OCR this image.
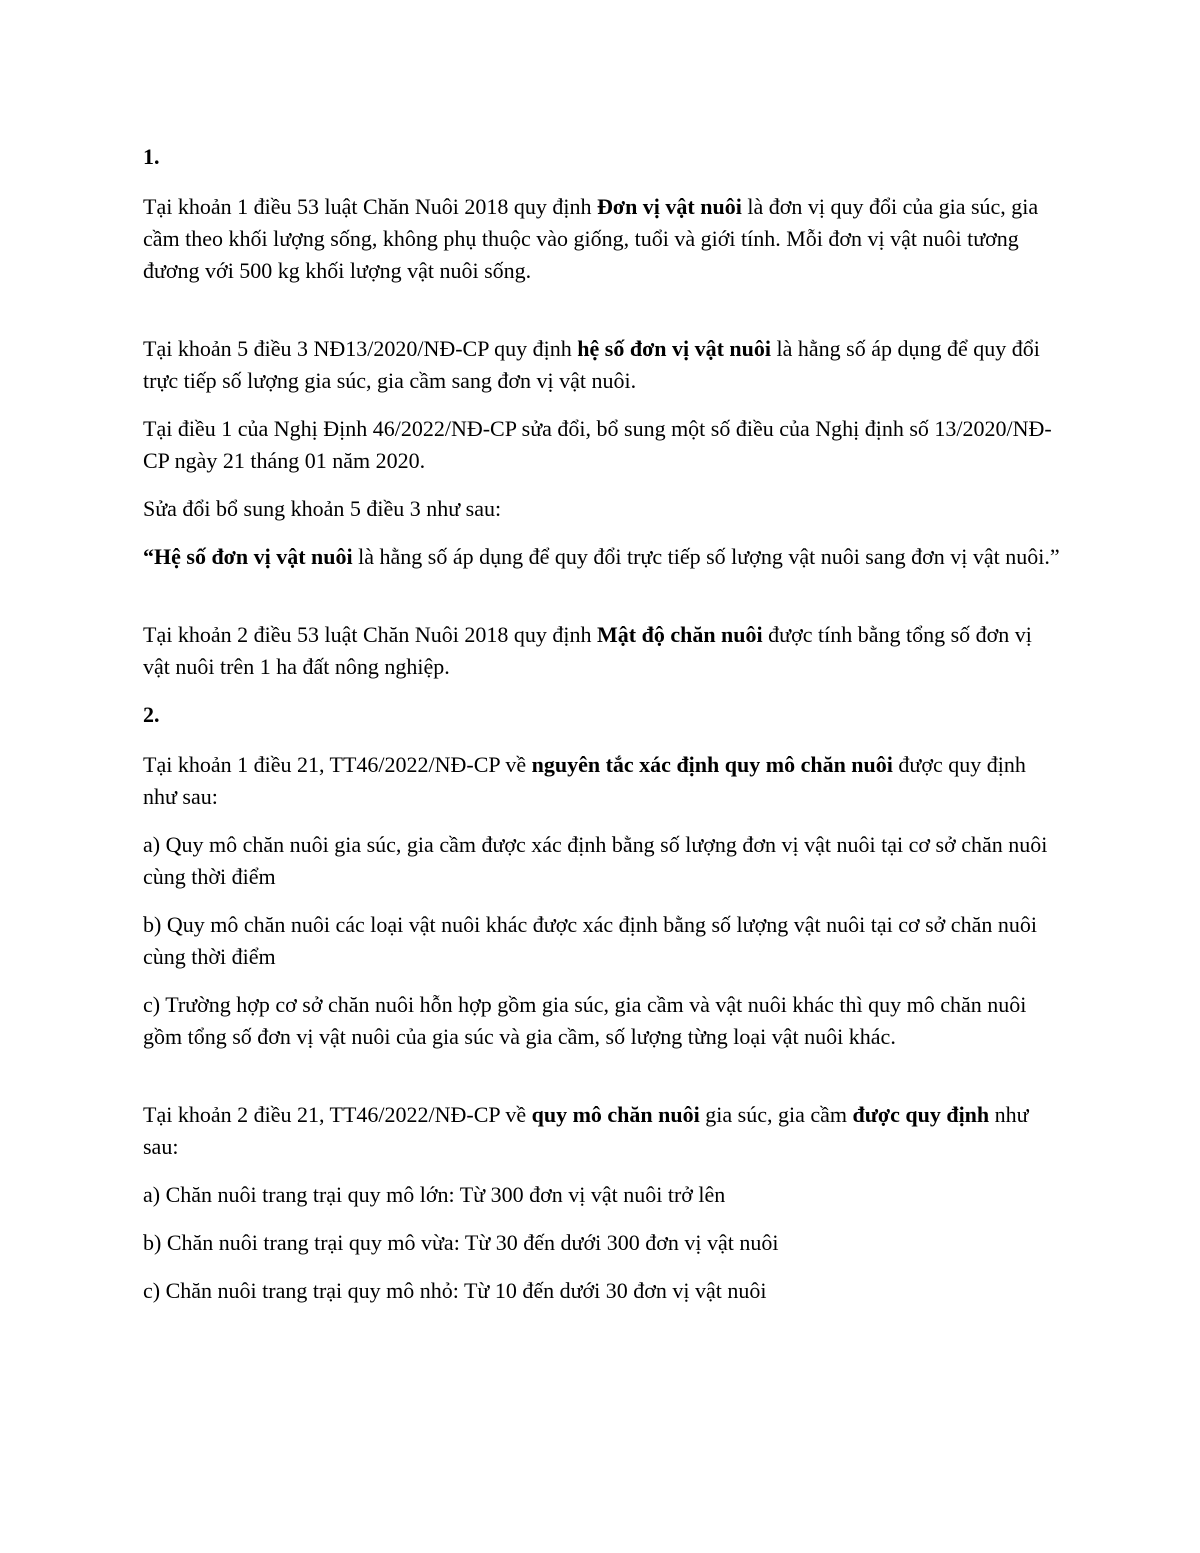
1.

Tại khoản 1 điều 53 luật Chăn Nuôi 2018 quy định Đơn vị vật nuôi là đơn vị quy đổi của gia súc, gia cầm theo khối lượng sống, không phụ thuộc vào giống, tuổi và giới tính. Mỗi đơn vị vật nuôi tương đương với 500 kg khối lượng vật nuôi sống.

Tại khoản 5 điều 3 NĐ13/2020/NĐ-CP quy định hệ số đơn vị vật nuôi là hằng số áp dụng để quy đổi trực tiếp số lượng gia súc, gia cầm sang đơn vị vật nuôi.

Tại điều 1 của Nghị Định 46/2022/NĐ-CP sửa đổi, bổ sung một số điều của Nghị định số 13/2020/NĐ-CP ngày 21 tháng 01 năm 2020.

Sửa đổi bổ sung khoản 5 điều 3 như sau:

“Hệ số đơn vị vật nuôi là hằng số áp dụng để quy đổi trực tiếp số lượng vật nuôi sang đơn vị vật nuôi.”

Tại khoản 2 điều 53 luật Chăn Nuôi 2018 quy định Mật độ chăn nuôi được tính bằng tổng số đơn vị vật nuôi trên 1 ha đất nông nghiệp.

2.

Tại khoản 1 điều 21, TT46/2022/NĐ-CP về nguyên tắc xác định quy mô chăn nuôi được quy định như sau:

a) Quy mô chăn nuôi gia súc, gia cầm được xác định bằng số lượng đơn vị vật nuôi tại cơ sở chăn nuôi cùng thời điểm

b) Quy mô chăn nuôi các loại vật nuôi khác được xác định bằng số lượng vật nuôi tại cơ sở chăn nuôi cùng thời điểm

c) Trường hợp cơ sở chăn nuôi hỗn hợp gồm gia súc, gia cầm và vật nuôi khác thì quy mô chăn nuôi gồm tổng số đơn vị vật nuôi của gia súc và gia cầm, số lượng từng loại vật nuôi khác.

Tại khoản 2 điều 21, TT46/2022/NĐ-CP về quy mô chăn nuôi gia súc, gia cầm được quy định như sau:

a) Chăn nuôi trang trại quy mô lớn: Từ 300 đơn vị vật nuôi trở lên

b) Chăn nuôi trang trại quy mô vừa: Từ 30 đến dưới 300 đơn vị vật nuôi

c) Chăn nuôi trang trại quy mô nhỏ: Từ 10 đến dưới 30 đơn vị vật nuôi
